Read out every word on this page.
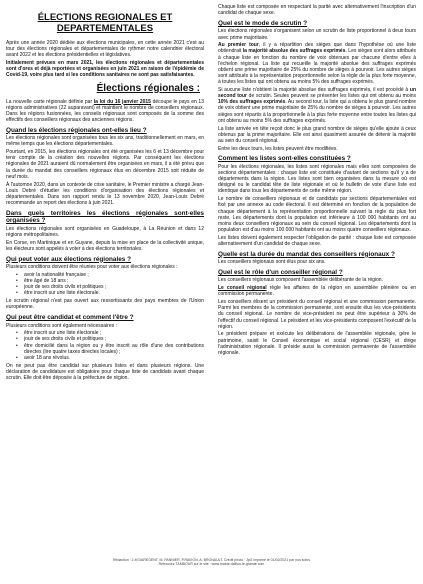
ÉLECTIONS REGIONALES ET DEPARTEMENTALES

Après une année 2020 dédiée aux élections municipales, en cette année 2021 c'est au tour des élections régionales et départementales de rythmer notre calendrier électoral avant 2022 et les élections présidentielles et législatives.

Initialement prévues en mars 2021, les élections régionales et départementales sont d'ores et déjà reportées et organisées en juin 2021 en raison de l'épidémie de Covid-19, voire plus tard si les conditions sanitaires ne sont pas satisfaisantes.

Élections régionales :

La nouvelle carte régionale définie par la loi du 16 janvier 2015 découpe le pays en 13 régions administratives (22 auparavant) et maintient le nombre de conseillers régionaux. Dans les régions fusionnées, les conseils régionaux sont composés de la somme des effectifs des conseillers régionaux des anciennes régions.

Quand les élections régionales ont-elles lieu ?

Les élections régionales sont organisées tous les six ans, traditionnellement en mars, en même temps que les élections départementales.

Pourtant, en 2015, les élections régionales ont été organisées les 6 et 13 décembre pour tenir compte de la création des nouvelles régions. Par conséquent les élections régionales de 2021 auraient dû normalement être organisées en mars, il a été prévu que la durée du mandat des conseillers régionaux élus en décembre 2015 soit réduite de neuf mois.

À l'automne 2020, dans un contexte de crise sanitaire, le Premier ministre a chargé Jean-Louis Debré d'étudier les conditions d'organisation des élections régionales et départementales. Dans son rapport rendu le 13 novembre 2020, Jean-Louis Debré recommande un report des élections à juin 2021.

Dans quels territoires les élections régionales sont-elles organisées ?

Les élections régionales sont organisées en Guadeloupe, à La Réunion et dans 12 régions métropolitaines.

En Corse, en Martinique et en Guyane, depuis la mise en place de la collectivité unique, les électeurs sont appelés à voter à des élections territoriales.

Qui peut voter aux élections régionales ?

Plusieurs conditions doivent être réunies pour voter aux élections régionales :

• avoir la nationalité française ;
• être âgé de 18 ans ;
• jouir de ses droits civils et politiques ;
• être inscrit sur une liste électorale.

Le scrutin régional n'est pas ouvert aux ressortissants des pays membres de l'Union européenne.

Qui peut être candidat et comment l'être ?

Plusieurs conditions sont également nécessaires :

• être inscrit sur une liste électorale ;
• jouir de ses droits civils et politiques ;
• être domicilié dans la région ou y être inscrit au rôle d'une des contributions directes (lire quatre taxes directes locales) ;
• avoir 18 ans révolus.

On ne peut pas être candidat sur plusieurs listes et dans plusieurs régions. Une déclaration de candidature est obligatoire pour chaque liste de candidats avant chaque scrutin. Elle doit être déposée à la préfecture de région.

Chaque liste est composée en respectant la parité avec alternativement l'inscription d'un candidat de chaque sexe.

Quel est le mode de scrutin ?

Les élections régionales s'organisent selon un scrutin de liste proportionnel à deux tours avec prime majoritaire.

Au premier tour, il y a répartition des sièges que dans l'hypothèse où une liste obtiendrait la majorité absolue des suffrages exprimés. Les sièges sont alors attribués à chaque liste en fonction du nombre de voix obtenues par chacune d'entre elles à l'échelon régional. La liste qui recueille la majorité absolue des suffrages exprimés obtient une prime majoritaire de 25% du nombre de sièges à pourvoir. Les autres sièges sont attribués à la représentation proportionnelle selon la règle de la plus forte moyenne, à toutes les listes qui ont obtenu au moins 5% des suffrages exprimés.

Si aucune liste n'obtient la majorité absolue des suffrages exprimés, il est procédé à un second tour de scrutin. Seules peuvent se présenter les listes qui ont obtenu au moins 10% des suffrages exprimés. Au second tour, la liste qui a obtenu le plus grand nombre de voix obtient une prime majoritaire de 25% du nombre de sièges à pourvoir. Les autres sièges sont répartis à la proportionnelle à la plus forte moyenne entre toutes les listes qui ont obtenu au moins 5% des suffrages exprimés.

La liste arrivée en tête reçoit donc le plus grand nombre de sièges qu'elle ajoute à ceux obtenus par la prime majoritaire. Elle est ainsi quasiment assurée de détenir la majorité au sein du conseil régional.

Entre les deux tours, les listes peuvent être modifiées.

Comment les listes sont-elles constituées ?

Pour les élections régionales, les listes sont régionales mais elles sont composées de sections départementales : chaque liste est constituée d'autant de sections qu'il y a de départements dans la région. Les listes sont bien organisées dans la mesure où est désigné ou le candidat tête de liste régionale et où le bulletin de vote d'une liste est identique dans tous les départements de cette même région.

Le nombre de conseillers régionaux et de candidats par sections départementales est fixé par une annexe au code électoral. Il est déterminé en fonction de la population de chaque département à la représentation proportionnelle suivant la règle du plus fort reste. Les départements dont la population est inférieure à 100 000 habitants ont au moins deux conseillers régionaux au sein du conseil régional. Les départements dont la population est d'au moins 100 000 habitants ont au moins quatre conseillers régionaux.

Les listes doivent également respecter l'obligation de parité : chaque liste est composée alternativement d'un candidat de chaque sexe.

Quelle est la durée du mandat des conseillers régionaux ?

Les conseillers régionaux sont élus pour six ans.

Quel est le rôle d'un conseiller régional ?

Les conseillers régionaux composent l'assemblée délibérante de la région.

Le conseil régional règle les affaires de la région en assemblée plénière ou en commission permanente.

Les conseillers élisent un président du conseil régional et une commission permanente. Parmi les membres de la commission permanente, sont ensuite élus les vice-présidents du conseil régional. Le nombre de vice-président ne peut être supérieur à 30% de l'effectif du conseil régional. Le président et les vice-présidents composent l'exécutif de la région.

Le président prépare et exécute les délibérations de l'assemblée régionale, gère le patrimoine, saisit le Conseil économique et social régional (CESR) et dirige l'administration régionale. Il préside aussi la commission permanente de l'assemblée régionale.

Rédaction : J-M DAREGENT, M. PANNIER, P.RAVION, A. BRONAULT. Crédit photo : JpG Imprimé le 01/02/2021 par nos soins
Retrouvez TAMBOUR sur le site : www.mairie-daillon-le-grande.com
